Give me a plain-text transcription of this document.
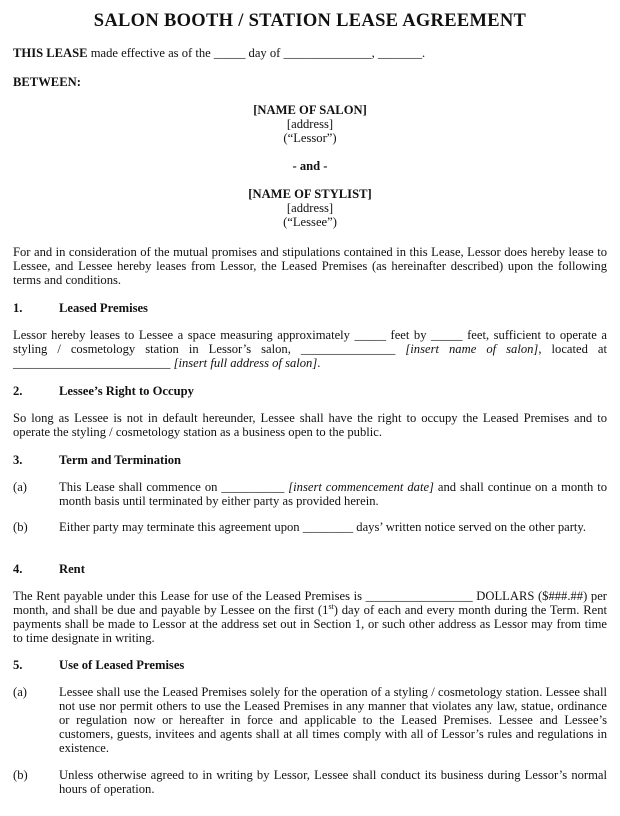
SALON BOOTH / STATION LEASE AGREEMENT
THIS LEASE made effective as of the _____ day of ______________, _______.
BETWEEN:
[NAME OF SALON]
[address]
(“Lessor”)
- and -
[NAME OF STYLIST]
[address]
(“Lessee”)
For and in consideration of the mutual promises and stipulations contained in this Lease, Lessor does hereby lease to Lessee, and Lessee hereby leases from Lessor, the Leased Premises (as hereinafter described) upon the following terms and conditions.
1.	Leased Premises
Lessor hereby leases to Lessee a space measuring approximately _____ feet by _____ feet, sufficient to operate a styling / cosmetology station in Lessor’s salon, _______________ [insert name of salon], located at _________________________ [insert full address of salon].
2.	Lessee’s Right to Occupy
So long as Lessee is not in default hereunder, Lessee shall have the right to occupy the Leased Premises and to operate the styling / cosmetology station as a business open to the public.
3.	Term and Termination
(a)	This Lease shall commence on __________ [insert commencement date] and shall continue on a month to month basis until terminated by either party as provided herein.
(b)	Either party may terminate this agreement upon ________ days’ written notice served on the other party.
4.	Rent
The Rent payable under this Lease for use of the Leased Premises is _________________ DOLLARS ($###.##) per month, and shall be due and payable by Lessee on the first (1st) day of each and every month during the Term. Rent payments shall be made to Lessor at the address set out in Section 1, or such other address as Lessor may from time to time designate in writing.
5.	Use of Leased Premises
(a)	Lessee shall use the Leased Premises solely for the operation of a styling / cosmetology station. Lessee shall not use nor permit others to use the Leased Premises in any manner that violates any law, statue, ordinance or regulation now or hereafter in force and applicable to the Leased Premises. Lessee and Lessee’s customers, guests, invitees and agents shall at all times comply with all of Lessor’s rules and regulations in existence.
(b)	Unless otherwise agreed to in writing by Lessor, Lessee shall conduct its business during Lessor’s normal hours of operation.
